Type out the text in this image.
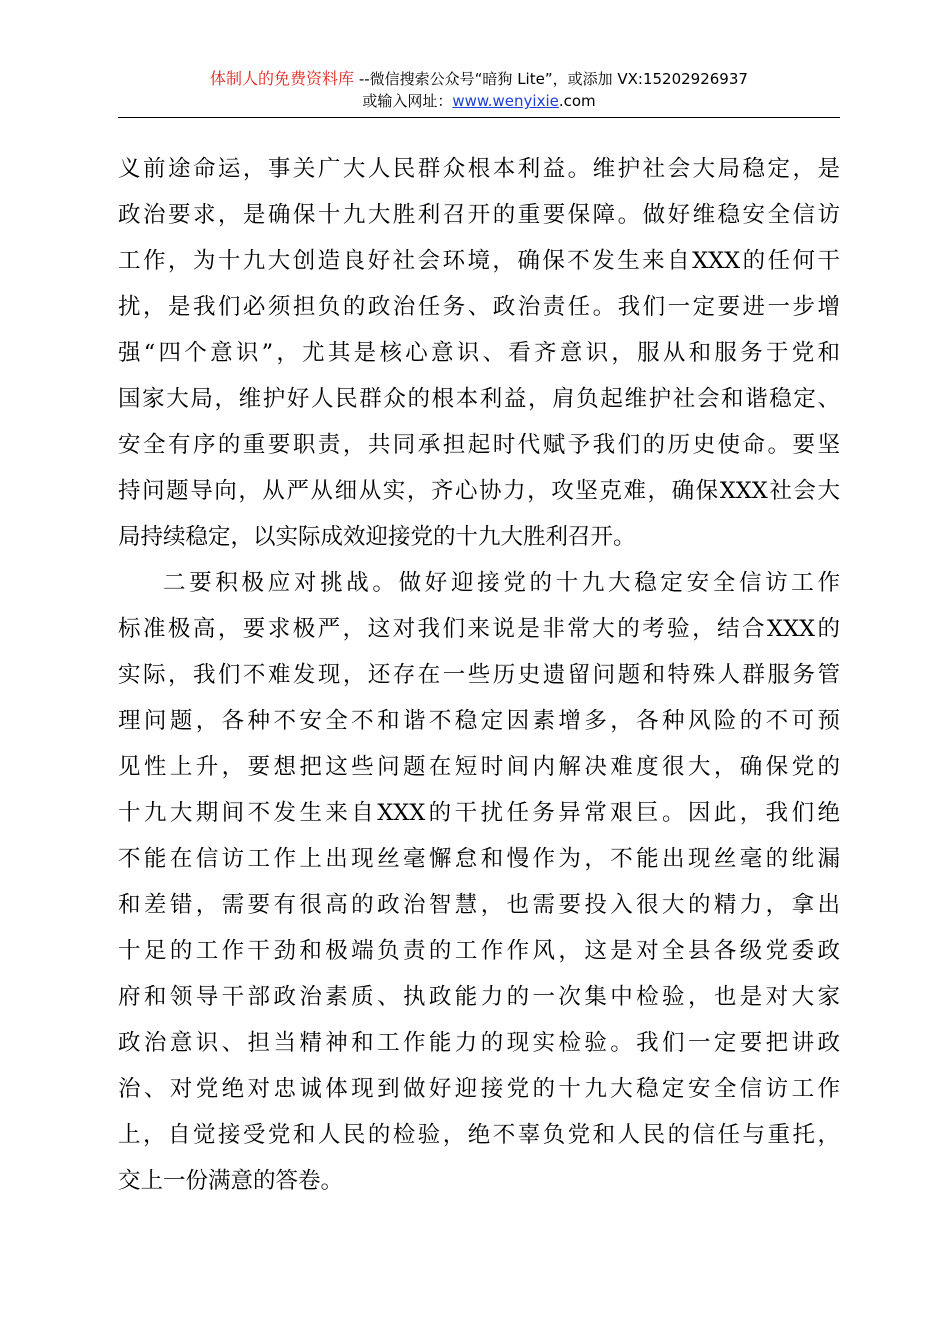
体制人的免费资料库 --微信搜索公众号“暗狗 Lite”，或添加 VX:15202926937
或输入网址：www.wenyixie.com
义前途命运，事关广大人民群众根本利益。维护社会大局稳定，是
政治要求，是确保十九大胜利召开的重要保障。做好维稳安全信访
工作，为十九大创造良好社会环境，确保不发生来自XXX的任何干
扰，是我们必须担负的政治任务、政治责任。我们一定要进一步增
强“四个意识”，尤其是核心意识、看齐意识，服从和服务于党和
国家大局，维护好人民群众的根本利益，肩负起维护社会和谐稳定、
安全有序的重要职责，共同承担起时代赋予我们的历史使命。要坚
持问题导向，从严从细从实，齐心协力，攻坚克难，确保XXX社会大
局持续稳定，以实际成效迎接党的十九大胜利召开。
二要积极应对挑战。做好迎接党的十九大稳定安全信访工作
标准极高，要求极严，这对我们来说是非常大的考验，结合XXX的
实际，我们不难发现，还存在一些历史遗留问题和特殊人群服务管
理问题，各种不安全不和谐不稳定因素增多，各种风险的不可预
见性上升，要想把这些问题在短时间内解决难度很大，确保党的
十九大期间不发生来自XXX的干扰任务异常艰巨。因此，我们绝
不能在信访工作上出现丝毫懈怠和慢作为，不能出现丝毫的纰漏
和差错，需要有很高的政治智慧，也需要投入很大的精力，拿出
十足的工作干劲和极端负责的工作作风，这是对全县各级党委政
府和领导干部政治素质、执政能力的一次集中检验，也是对大家
政治意识、担当精神和工作能力的现实检验。我们一定要把讲政
治、对党绝对忠诚体现到做好迎接党的十九大稳定安全信访工作
上，自觉接受党和人民的检验，绝不辜负党和人民的信任与重托，
交上一份满意的答卷。
